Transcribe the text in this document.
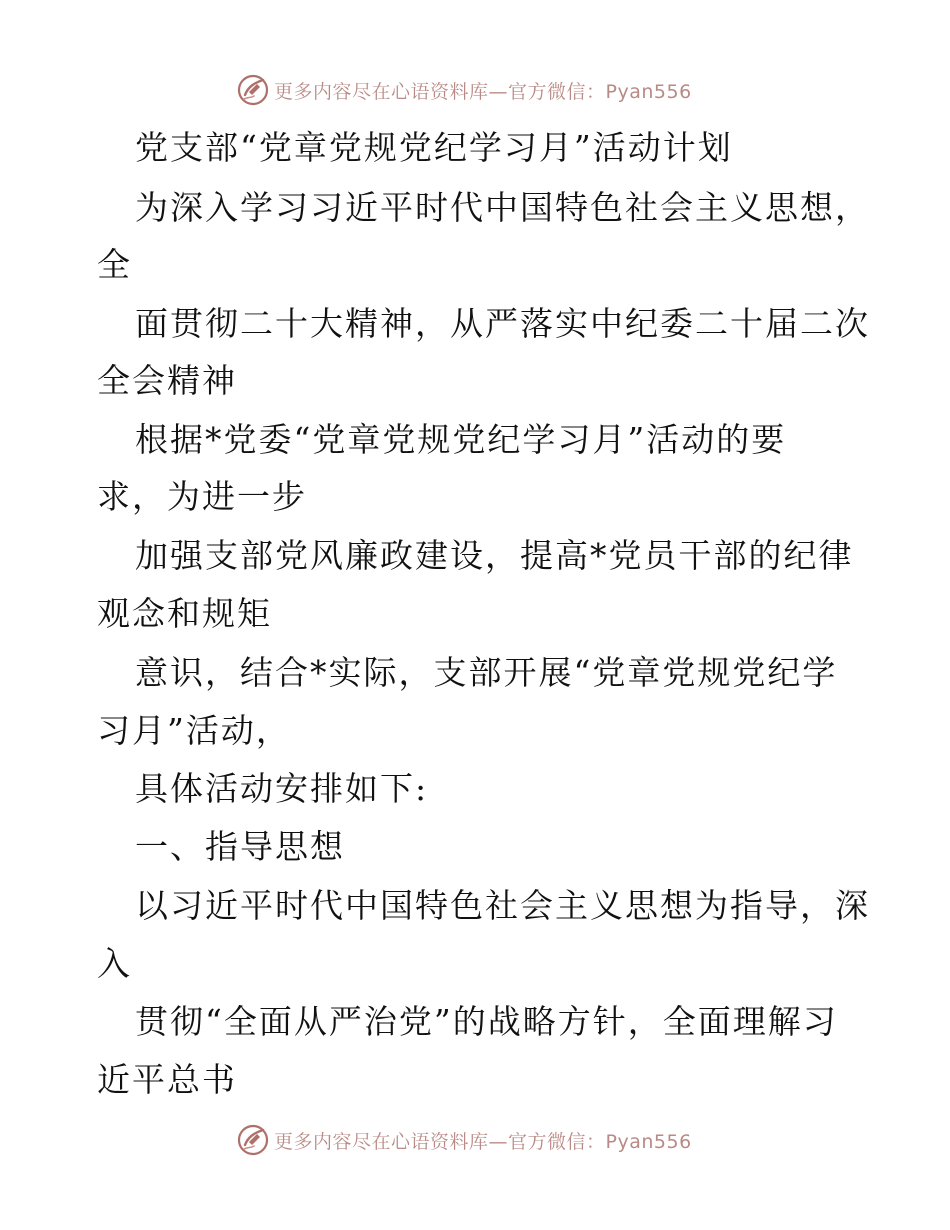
更多内容尽在心语资料库—官方微信：Pyan556
党支部“党章党规党纪学习月”活动计划
为深入学习习近平时代中国特色社会主义思想，
全
面贯彻二十大精神，从严落实中纪委二十届二次
全会精神
根据*党委“党章党规党纪学习月”活动的要
求，为进一步
加强支部党风廉政建设，提高*党员干部的纪律
观念和规矩
意识，结合*实际，支部开展“党章党规党纪学
习月”活动，
具体活动安排如下:
一、指导思想
以习近平时代中国特色社会主义思想为指导，深
入
贯彻“全面从严治党”的战略方针，全面理解习
近平总书
更多内容尽在心语资料库—官方微信：Pyan556
